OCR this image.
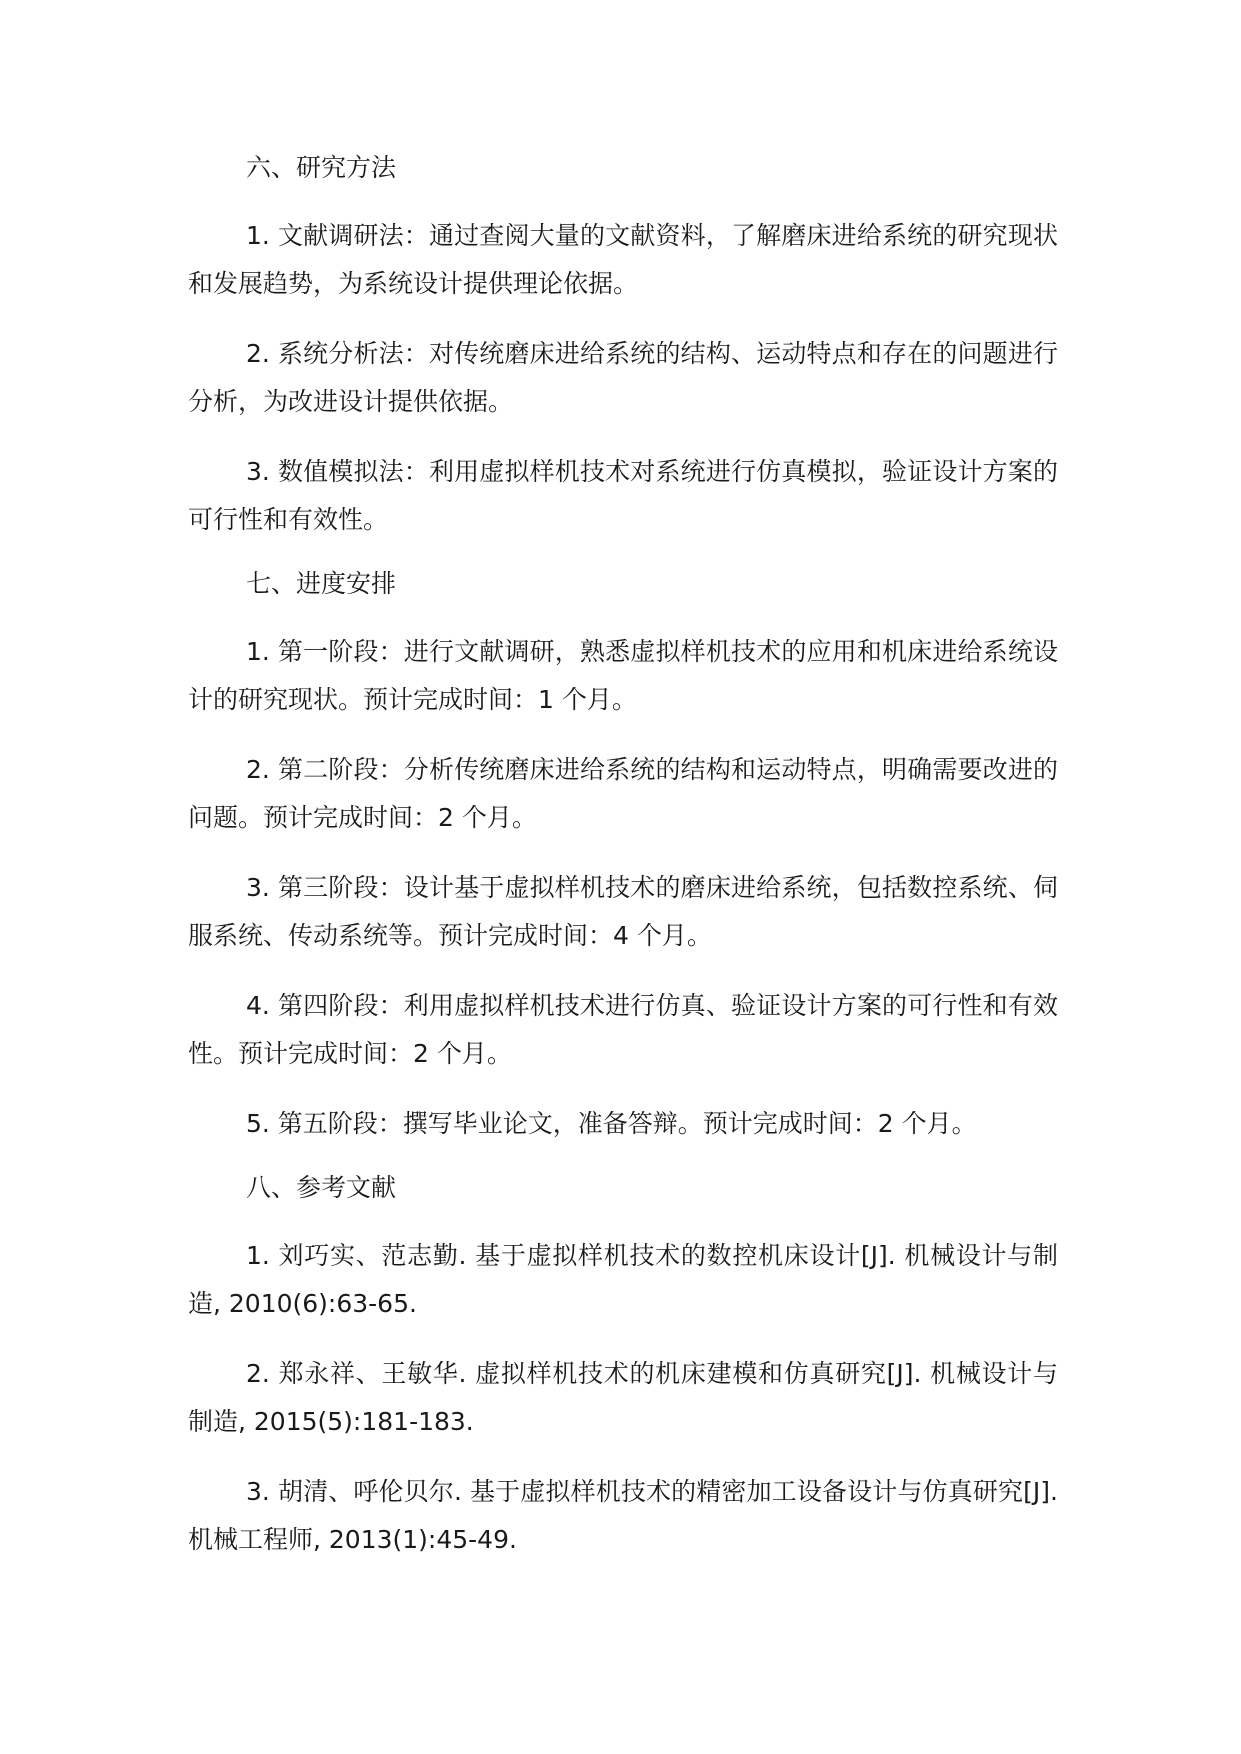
六、研究方法

1. 文献调研法：通过查阅大量的文献资料，了解磨床进给系统的研究现状和发展趋势，为系统设计提供理论依据。

2. 系统分析法：对传统磨床进给系统的结构、运动特点和存在的问题进行分析，为改进设计提供依据。

3. 数值模拟法：利用虚拟样机技术对系统进行仿真模拟，验证设计方案的可行性和有效性。

七、进度安排

1. 第一阶段：进行文献调研，熟悉虚拟样机技术的应用和机床进给系统设计的研究现状。预计完成时间：1 个月。

2. 第二阶段：分析传统磨床进给系统的结构和运动特点，明确需要改进的问题。预计完成时间：2 个月。

3. 第三阶段：设计基于虚拟样机技术的磨床进给系统，包括数控系统、伺服系统、传动系统等。预计完成时间：4 个月。

4. 第四阶段：利用虚拟样机技术进行仿真、验证设计方案的可行性和有效性。预计完成时间：2 个月。

5. 第五阶段：撰写毕业论文，准备答辩。预计完成时间：2 个月。

八、参考文献

1. 刘巧实、范志勤. 基于虚拟样机技术的数控机床设计[J]. 机械设计与制造, 2010(6):63-65.

2. 郑永祥、王敏华. 虚拟样机技术的机床建模和仿真研究[J]. 机械设计与制造, 2015(5):181-183.

3. 胡清、呼伦贝尔. 基于虚拟样机技术的精密加工设备设计与仿真研究[J]. 机械工程师, 2013(1):45-49.
